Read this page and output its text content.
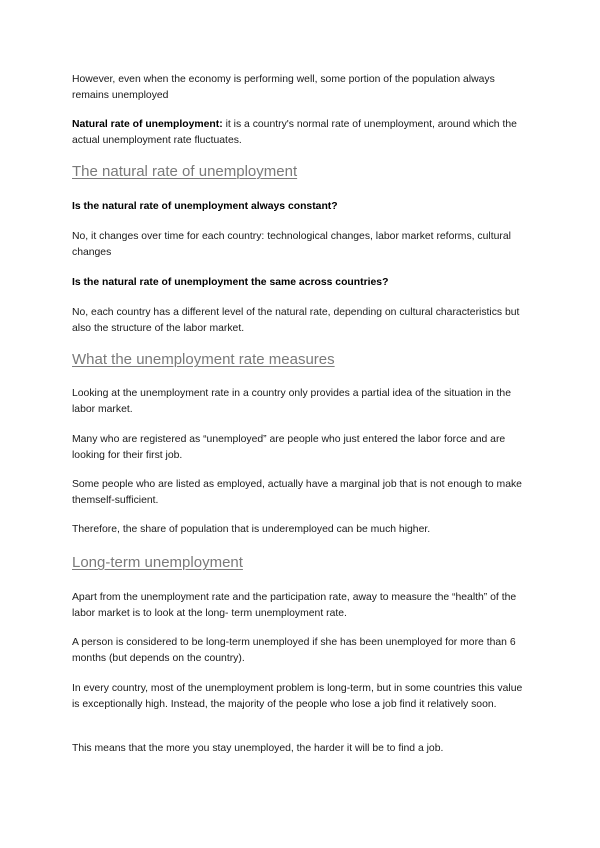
However, even when the economy is performing well, some portion of the population always remains unemployed

Natural rate of unemployment: it is a country's normal rate of unemployment, around which the actual unemployment rate fluctuates.

The natural rate of unemployment

Is the natural rate of unemployment always constant?

No, it changes over time for each country: technological changes, labor market reforms, cultural changes

Is the natural rate of unemployment the same across countries?

No, each country has a different level of the natural rate, depending on cultural characteristics but also the structure of the labor market.

What the unemployment rate measures

Looking at the unemployment rate in a country only provides a partial idea of the situation in the labor market.

Many who are registered as “unemployed” are people who just entered the labor force and are looking for their first job.

Some people who are listed as employed, actually have a marginal job that is not enough to make themself-sufficient.

Therefore, the share of population that is underemployed can be much higher.

Long-term unemployment

Apart from the unemployment rate and the participation rate, away to measure the “health” of the labor market is to look at the long- term unemployment rate.

A person is considered to be long-term unemployed if she has been unemployed for more than 6 months (but depends on the country).

In every country, most of the unemployment problem is long-term, but in some countries this value is exceptionally high. Instead, the majority of the people who lose a job find it relatively soon.

This means that the more you stay unemployed, the harder it will be to find a job.
